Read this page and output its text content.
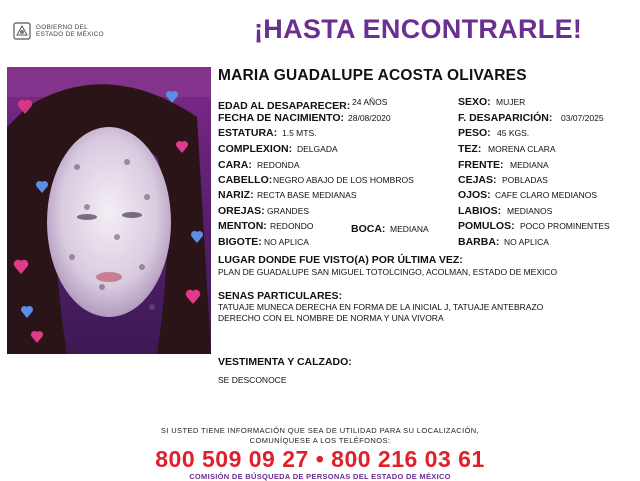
GOBIERNO DEL
ESTADO DE MÉXICO	¡HASTA ENCONTRARLE!
MARIA GUADALUPE ACOSTA OLIVARES
EDAD AL DESAPARECER: 24 AÑOS
FECHA DE NACIMIENTO: 28/08/2020
ESTATURA: 1.5 MTS.
COMPLEXION: DELGADA
CARA: REDONDA
CABELLO: NEGRO ABAJO DE LOS HOMBROS
NARIZ: RECTA BASE MEDIANAS
OREJAS: GRANDES
MENTON: REDONDO	BOCA: MEDIANA
BIGOTE: NO APLICA
SEXO: MUJER
F. DESAPARICIÓN: 03/07/2025
PESO: 45 KGS.
TEZ: MORENA CLARA
FRENTE: MEDIANA
CEJAS: POBLADAS
OJOS: CAFE CLARO MEDIANOS
LABIOS: MEDIANOS
POMULOS: POCO PROMINENTES
BARBA: NO APLICA
LUGAR DONDE FUE VISTO(A) POR ÚLTIMA VEZ:
PLAN DE GUADALUPE SAN MIGUEL TOTOLCINGO, ACOLMAN, ESTADO DE MEXICO
SENAS PARTICULARES:
TATUAJE MUNECA DERECHA EN FORMA DE LA INICIAL J, TATUAJE ANTEBRAZO
DERECHO CON EL NOMBRE DE NORMA Y UNA VIVORA
VESTIMENTA Y CALZADO:
SE DESCONOCE
SI USTED TIENE INFORMACIÓN QUE SEA DE UTILIDAD PARA SU LOCALIZACIÓN,
COMUNÍQUESE A LOS TELÉFONOS:
800 509 09 27 • 800 216 03 61
COMISIÓN DE BÚSQUEDA DE PERSONAS DEL ESTADO DE MÉXICO
